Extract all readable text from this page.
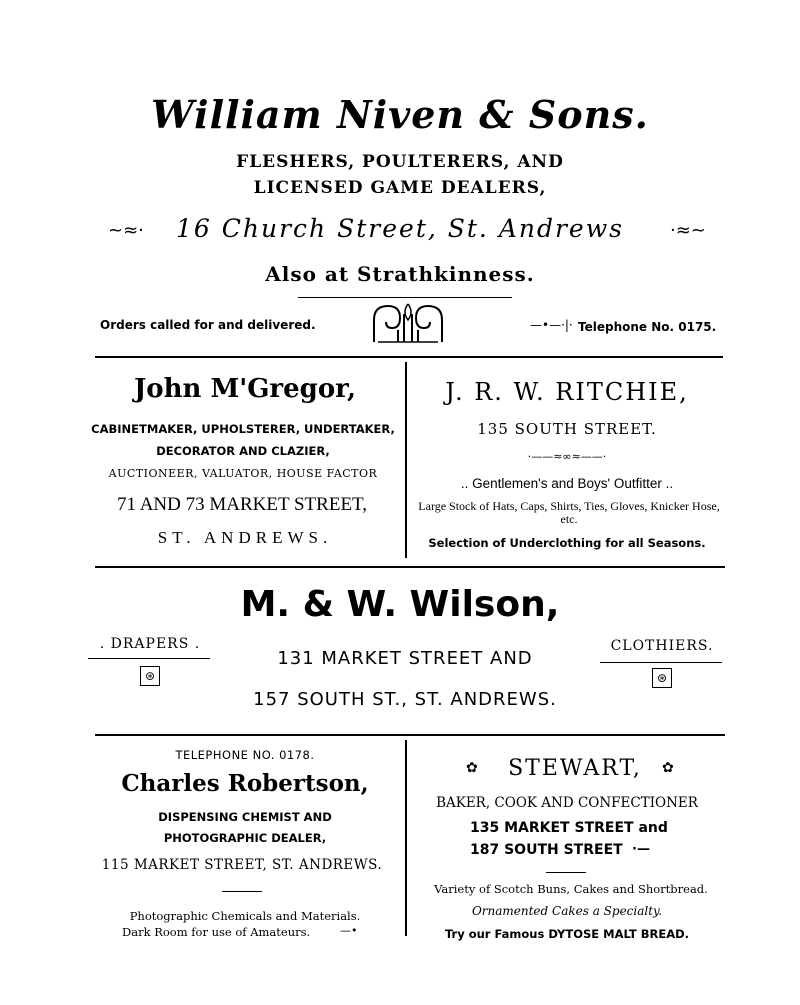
William Niven & Sons.
FLESHERS, POULTERERS, AND
LICENSED GAME DEALERS,
~≈·	16 Church Street, St. Andrews	·≈~
Also at Strathkinness.
Orders called for and delivered.	—•—·|· Telephone No. 0175.
John M'Gregor,
CABINETMAKER, UPHOLSTERER, UNDERTAKER,
DECORATOR AND CLAZIER,
AUCTIONEER, VALUATOR, HOUSE FACTOR
71 AND 73 MARKET STREET,
ST. ANDREWS.
J. R. W. RITCHIE,
135 SOUTH STREET.
·——≈∞≈——·
.. Gentlemen's and Boys' Outfitter ..
Large Stock of Hats, Caps, Shirts, Ties, Gloves, Knicker Hose, etc.
Selection of Underclothing for all Seasons.
M. & W. Wilson,
. DRAPERS .
⊛
131 MARKET STREET AND
157 SOUTH ST., ST. ANDREWS.
CLOTHIERS.
⊛
TELEPHONE NO. 0178.
Charles Robertson,
DISPENSING CHEMIST AND
PHOTOGRAPHIC DEALER,
115 MARKET STREET, ST. ANDREWS.
Photographic Chemicals and Materials.
Dark Room for use of Amateurs.	—•
✿	STEWART,	✿
BAKER, COOK AND CONFECTIONER
135 MARKET STREET and
187 SOUTH STREET ·—
Variety of Scotch Buns, Cakes and Shortbread.
Ornamented Cakes a Specialty.
Try our Famous DYTOSE MALT BREAD.
